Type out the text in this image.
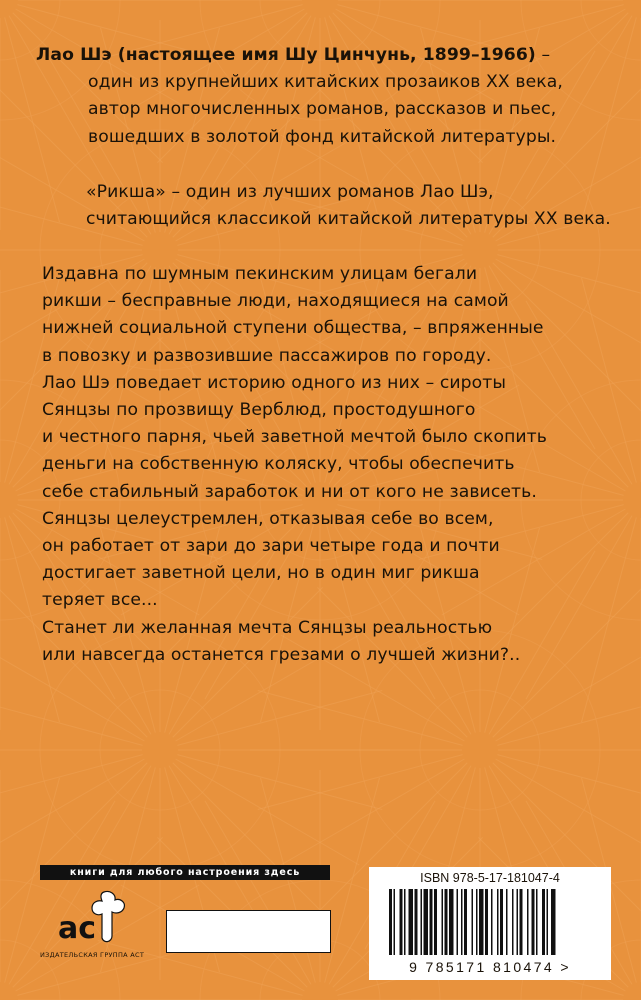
Лао Шэ (настоящее имя Шу Цинчунь, 1899–1966) –
один из крупнейших китайских прозаиков XX века,
автор многочисленных романов, рассказов и пьес,
вошедших в золотой фонд китайской литературы.
«Рикша» – один из лучших романов Лао Шэ,
считающийся классикой китайской литературы XX века.
Издавна по шумным пекинским улицам бегали
рикши – бесправные люди, находящиеся на самой
нижней социальной ступени общества, – впряженные
в повозку и развозившие пассажиров по городу.
Лао Шэ поведает историю одного из них – сироты
Сянцзы по прозвищу Верблюд, простодушного
и честного парня, чьей заветной мечтой было скопить
деньги на собственную коляску, чтобы обеспечить
себе стабильный заработок и ни от кого не зависеть.
Сянцзы целеустремлен, отказывая себе во всем,
он работает от зари до зари четыре года и почти
достигает заветной цели, но в один миг рикша
теряет все...
Станет ли желанная мечта Сянцзы реальностью
или навсегда останется грезами о лучшей жизни?..
книги для любого настроения здесь
ac
ИЗДАТЕЛЬСКАЯ ГРУППА АСТ
ISBN 978-5-17-181047-4
9 785171 810474 >
